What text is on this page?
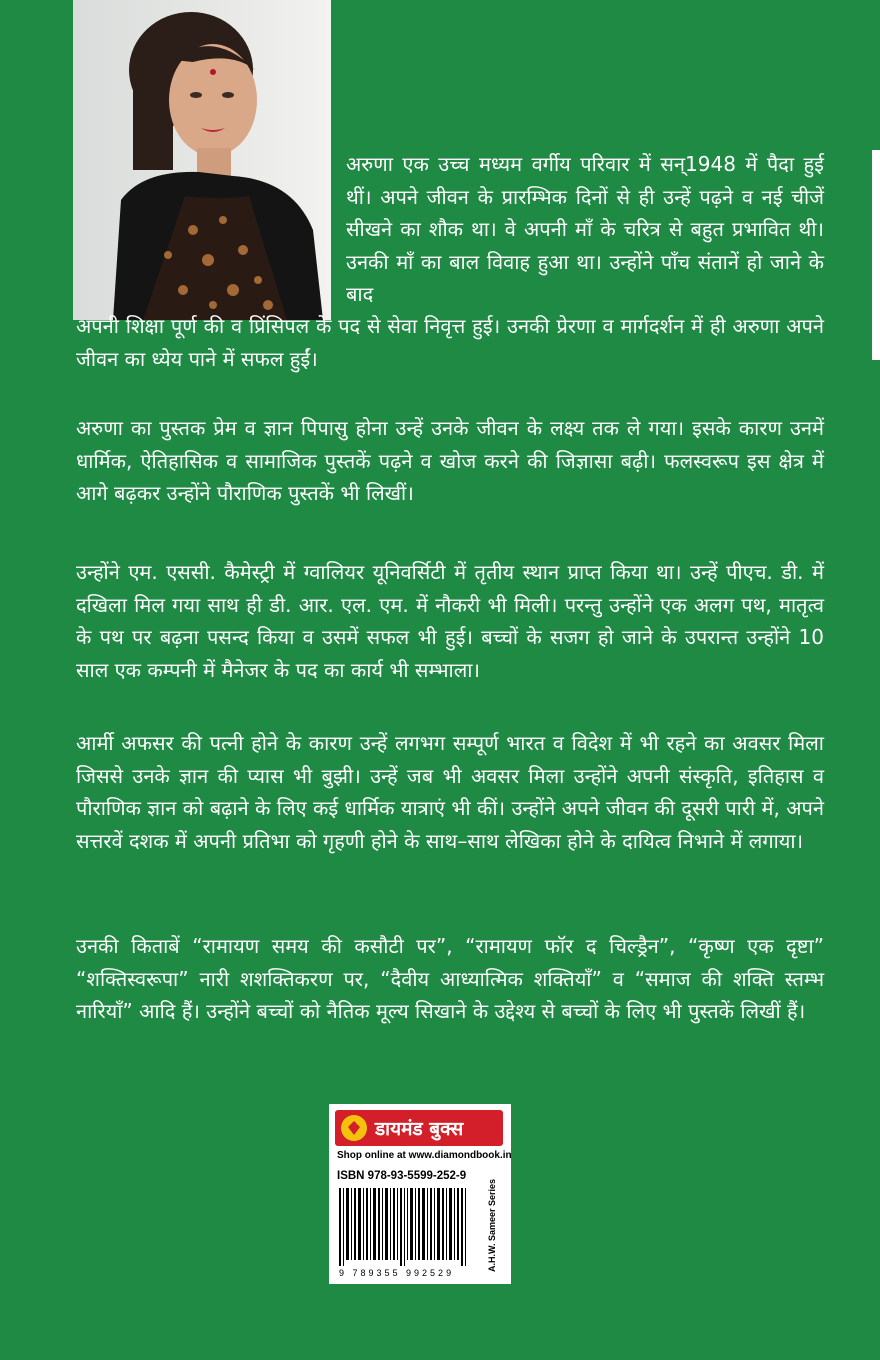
अरुणा एक उच्च मध्यम वर्गीय परिवार में सन्1948 में पैदा हुई थीं। अपने जीवन के प्रारम्भिक दिनों से ही उन्हें पढ़ने व नई चीजें सीखने का शौक था। वे अपनी माँ के चरित्र से बहुत प्रभावित थी। उनकी माँ का बाल विवाह हुआ था। उन्होंने पाँच संतानें हो जाने के बाद

अपनी शिक्षा पूर्ण की व प्रिंसिपल के पद से सेवा निवृत्त हुई। उनकी प्रेरणा व मार्गदर्शन में ही अरुणा अपने जीवन का ध्येय पाने में सफल हुईं।

अरुणा का पुस्तक प्रेम व ज्ञान पिपासु होना उन्हें उनके जीवन के लक्ष्य तक ले गया। इसके कारण उनमें धार्मिक, ऐतिहासिक व सामाजिक पुस्तकें पढ़ने व खोज करने की जिज्ञासा बढ़ी। फलस्वरूप इस क्षेत्र में आगे बढ़कर उन्होंने पौराणिक पुस्तकें भी लिखीं।

उन्होंने एम. एससी. कैमेस्ट्री में ग्वालियर यूनिवर्सिटी में तृतीय स्थान प्राप्त किया था। उन्हें पीएच. डी. में दखिला मिल गया साथ ही डी. आर. एल. एम. में नौकरी भी मिली। परन्तु उन्होंने एक अलग पथ, मातृत्व के पथ पर बढ़ना पसन्द किया व उसमें सफल भी हुई। बच्चों के सजग हो जाने के उपरान्त उन्होंने 10 साल एक कम्पनी में मैनेजर के पद का कार्य भी सम्भाला।

आर्मी अफसर की पत्नी होने के कारण उन्हें लगभग सम्पूर्ण भारत व विदेश में भी रहने का अवसर मिला जिससे उनके ज्ञान की प्यास भी बुझी। उन्हें जब भी अवसर मिला उन्होंने अपनी संस्कृति, इतिहास व पौराणिक ज्ञान को बढ़ाने के लिए कई धार्मिक यात्राएं भी कीं। उन्होंने अपने जीवन की दूसरी पारी में, अपने सत्तरवें दशक में अपनी प्रतिभा को गृहणी होने के साथ–साथ लेखिका होने के दायित्व निभाने में लगाया।

उनकी किताबें “रामायण समय की कसौटी पर”, “रामायण फॉर द चिल्ड्रैन”, “कृष्ण एक दृष्टा” “शक्तिस्वरूपा” नारी शशक्तिकरण पर, “दैवीय आध्यात्मिक शक्तियाँ” व “समाज की शक्ति स्तम्भ नारियाँ” आदि हैं। उन्होंने बच्चों को नैतिक मूल्य सिखाने के उद्देश्य से बच्चों के लिए भी पुस्तकें लिखीं हैं।

डायमंड बुक्स
Shop online at www.diamondbook.in
ISBN 978-93-5599-252-9
9 789355 992529
A.H.W. Sameer Series
